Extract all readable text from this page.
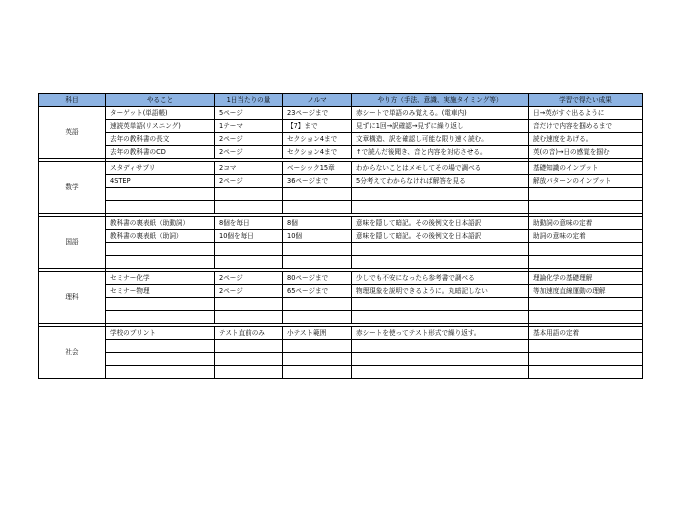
科目	やること	1日当たりの量	ノルマ	やり方（手法、意識、実施タイミング等）	学習で得たい成果
英語	ターゲット(単語帳)	5ページ	23ページまで	赤シートで単語のみ覚える。(電車内)	日→英がすぐ出るように
	速読英単語(リスニング)	1テーマ	【7】まで	見ずに1回→訳確認→見ずに繰り返し	音だけで内容を掴めるまで
	去年の教科書の長文	2ページ	セクション4まで	文章構造、訳を確認し可能な限り速く読む。	読む速度をあげる。
	去年の教科書のCD	2ページ	セクション4まで	↑で読んだ後聞き、音と内容を対応させる。	英(の音)→日の感覚を掴む

数学	スタディサプリ	2コマ	ベーシック15章	わからないことはメモしてその場で調べる	基礎知識のインプット
	4STEP	2ページ	36ページまで	5分考えてわからなければ解答を見る	解放パターンのインプット

国語	教科書の裏表紙（助動詞）	8個を毎日	8個	意味を隠して暗記。その後例文を日本語訳	助動詞の意味の定着
	教科書の裏表紙（助詞）	10個を毎日	10個	意味を隠して暗記。その後例文を日本語訳	助詞の意味の定着

理科	セミナー化学	2ページ	80ページまで	少しでも不安になったら参考書で調べる	理論化学の基礎理解
	セミナー物理	2ページ	65ページまで	物理現象を説明できるように。丸暗記しない	等加速度直線運動の理解

社会	学校のプリント	テスト直前のみ	小テスト範囲	赤シートを使ってテスト形式で繰り返す。	基本用語の定着
